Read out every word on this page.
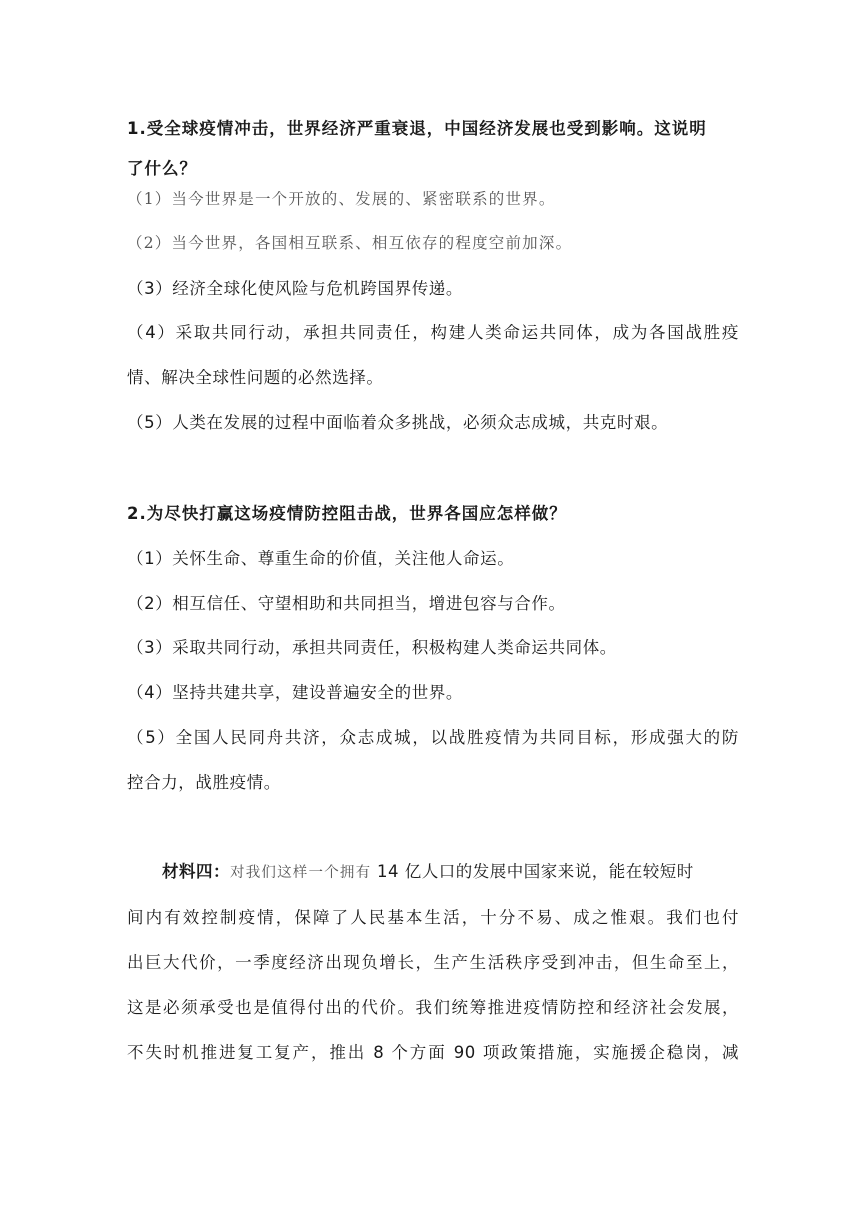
1.受全球疫情冲击，世界经济严重衰退，中国经济发展也受到影响。这说明
了什么？
（1）当今世界是一个开放的、发展的、紧密联系的世界。
（2）当今世界，各国相互联系、相互依存的程度空前加深。
（3）经济全球化使风险与危机跨国界传递。
（4）采取共同行动，承担共同责任，构建人类命运共同体，成为各国战胜疫
情、解决全球性问题的必然选择。
（5）人类在发展的过程中面临着众多挑战，必须众志成城，共克时艰。
2.为尽快打赢这场疫情防控阻击战，世界各国应怎样做？
（1）关怀生命、尊重生命的价值，关注他人命运。
（2）相互信任、守望相助和共同担当，增进包容与合作。
（3）采取共同行动，承担共同责任，积极构建人类命运共同体。
（4）坚持共建共享，建设普遍安全的世界。
（5）全国人民同舟共济，众志成城，以战胜疫情为共同目标，形成强大的防
控合力，战胜疫情。
材料四：对我们这样一个拥有 14 亿人口的发展中国家来说，能在较短时
间内有效控制疫情，保障了人民基本生活，十分不易、成之惟艰。我们也付
出巨大代价，一季度经济出现负增长，生产生活秩序受到冲击，但生命至上，
这是必须承受也是值得付出的代价。我们统筹推进疫情防控和经济社会发展，
不失时机推进复工复产，推出 8 个方面 90 项政策措施，实施援企稳岗，减
